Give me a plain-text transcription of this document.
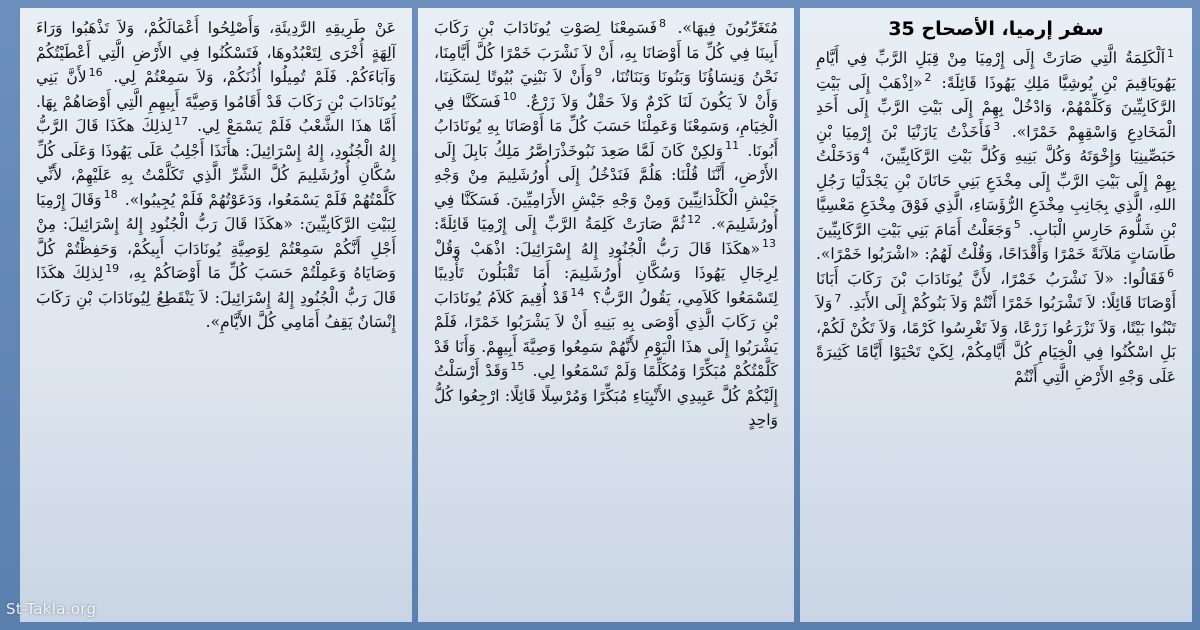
سفر إرميا، الأصحاح 35

$^1$اَلْكَلِمَةُ الَّتِي صَارَتْ إِلَى إِرْمِيَا مِنْ قِبَلِ الرَّبِّ فِي أَيَّامِ يَهُويَاقِيمَ بْنِ يُوشِيَّا مَلِكِ يَهُوذَا قَائِلَةً: $^2$«اِذْهَبْ إِلَى بَيْتِ الرَّكَابِيِّينَ وَكَلِّمْهُمْ، وَادْخُلْ بِهِمْ إِلَى بَيْتِ الرَّبِّ إِلَى أَحَدِ الْمَخَادِعِ وَاسْقِهِمْ خَمْرًا». $^3$فَأَخَذْتُ يَازَنْيَا بْنَ إِرْمِيَا بْنِ حَبَصِّينِيَا وَإِخْوَتَهُ وَكُلَّ بَنِيهِ وَكُلَّ بَيْتِ الرَّكَابِيِّينَ، $^4$وَدَخَلْتُ بِهِمْ إِلَى بَيْتِ الرَّبِّ إِلَى مِخْدَعِ بَنِي حَانَانَ بْنِ يَجْدَلْيَا رَجُلِ اللهِ، الَّذِي بِجَانِبِ مِخْدَعِ الرُّؤَسَاءِ، الَّذِي فَوْقَ مِخْدَعِ مَعْسِيَّا بْنِ شَلُّومَ حَارِسِ الْبَابِ. $^5$وَجَعَلْتُ أَمَامَ بَنِي بَيْتِ الرَّكَابِيِّينَ طَاسَاتٍ مَلآنَةً خَمْرًا وَأَقْدَاحًا، وَقُلْتُ لَهُمُ: «اشْرَبُوا خَمْرًا». $^6$فَقَالُوا: «لاَ نَشْرَبُ خَمْرًا، لأَنَّ يُونَادَابَ بْنَ رَكَابَ أَبَانَا أَوْصَانَا قَائِلًا: لاَ تَشْرَبُوا خَمْرًا أَنْتُمْ وَلاَ بَنُوكُمْ إِلَى الأَبَدِ. $^7$وَلاَ تَبْنُوا بَيْتًا، وَلاَ تَزْرَعُوا زَرْعًا، وَلاَ تَغْرِسُوا كَرْمًا، وَلاَ تَكُنْ لَكُمْ، بَلِ اسْكُنُوا فِي الْخِيَامِ كُلَّ أَيَّامِكُمْ، لِكَيْ تَحْيَوْا أَيَّامًا كَثِيرَةً عَلَى وَجْهِ الأَرْضِ الَّتِي أَنْتُمْ

مُتَغَرِّبُونَ فِيهَا». $^8$فَسَمِعْنَا لِصَوْتِ يُونَادَابَ بْنِ رَكَابَ أَبِينَا فِي كُلِّ مَا أَوْصَانَا بِهِ، أَنْ لاَ نَشْرَبَ خَمْرًا كُلَّ أَيَّامِنَا، نَحْنُ وَنِسَاؤُنَا وَبَنُونَا وَبَنَاتُنَا، $^9$وَأَنْ لاَ نَبْنِيَ بُيُوتًا لِسَكَنِنَا، وَأَنْ لاَ يَكُونَ لَنَا كَرْمٌ وَلاَ حَقْلٌ وَلاَ زَرْعٌ. $^{10}$فَسَكَنَّا فِي الْخِيَامِ، وَسَمِعْنَا وَعَمِلْنَا حَسَبَ كُلِّ مَا أَوْصَانَا بِهِ يُونَادَابُ أَبُونَا. $^{11}$وَلكِنْ كَانَ لَمَّا صَعِدَ نَبُوخَذْرَاصَّرُ مَلِكُ بَابِلَ إِلَى الأَرْضِ، أَنَّنَا قُلْنَا: هَلُمَّ فَنَدْخُلُ إِلَى أُورُشَلِيمَ مِنْ وَجْهِ جَيْشِ الْكَلْدَانِيِّينَ وَمِنْ وَجْهِ جَيْشِ الأَرَامِيِّينَ. فَسَكَنَّا فِي أُورُشَلِيمَ». $^{12}$ثُمَّ صَارَتْ كَلِمَةُ الرَّبِّ إِلَى إِرْمِيَا قَائِلَةً: $^{13}$«هكَذَا قَالَ رَبُّ الْجُنُودِ إِلهُ إِسْرَائِيلَ: اذْهَبْ وَقُلْ لِرِجَالِ يَهُوذَا وَسُكَّانِ أُورُشَلِيمَ: أَمَا تَقْبَلُونَ تَأْدِيبًا لِتَسْمَعُوا كَلاَمِي، يَقُولُ الرَّبُّ؟ $^{14}$قَدْ أُقِيمَ كَلاَمُ يُونَادَابَ بْنِ رَكَابَ الَّذِي أَوْصَى بِهِ بَنِيهِ أَنْ لاَ يَشْرَبُوا خَمْرًا، فَلَمْ يَشْرَبُوا إِلَى هذَا الْيَوْمِ لأَنَّهُمْ سَمِعُوا وَصِيَّةَ أَبِيهِمْ. وَأَنَا قَدْ كَلَّمْتُكُمْ مُبَكِّرًا وَمُكَلِّمًا وَلَمْ تَسْمَعُوا لِي. $^{15}$وَقَدْ أَرْسَلْتُ إِلَيْكُمْ كُلَّ عَبِيدِي الأَنْبِيَاءِ مُبَكِّرًا وَمُرْسِلًا قَائِلًا: ارْجِعُوا كُلُّ وَاحِدٍ

عَنْ طَرِيقِهِ الرَّدِيئَةِ، وَأَصْلِحُوا أَعْمَالَكُمْ، وَلاَ تَذْهَبُوا وَرَاءَ آلِهَةٍ أُخْرَى لِتَعْبُدُوهَا، فَتَسْكُنُوا فِي الأَرْضِ الَّتِي أَعْطَيْتُكُمْ وَآبَاءَكُمْ. فَلَمْ تُمِيلُوا أُذُنَكُمْ، وَلاَ سَمِعْتُمْ لِي. $^{16}$لأَنَّ بَنِي يُونَادَابَ بْنِ رَكَابَ قَدْ أَقَامُوا وَصِيَّةَ أَبِيهِمِ الَّتِي أَوْصَاهُمْ بِهَا. أَمَّا هذَا الشَّعْبُ فَلَمْ يَسْمَعْ لِي. $^{17}$لِذلِكَ هكَذَا قَالَ الرَّبُّ إِلهُ الْجُنُودِ، إِلهُ إِسْرَائِيلَ: هأَنَذَا أَجْلِبُ عَلَى يَهُوذَا وَعَلَى كُلِّ سُكَّانِ أُورُشَلِيمَ كُلَّ الشَّرِّ الَّذِي تَكَلَّمْتُ بِهِ عَلَيْهِمْ، لأَنِّي كَلَّمْتُهُمْ فَلَمْ يَسْمَعُوا، وَدَعَوْتُهُمْ فَلَمْ يُجِيبُوا». $^{18}$وَقَالَ إِرْمِيَا لِبَيْتِ الرَّكَابِيِّينَ: «هكَذَا قَالَ رَبُّ الْجُنُودِ إِلهُ إِسْرَائِيلَ: مِنْ أَجْلِ أَنَّكُمْ سَمِعْتُمْ لِوَصِيَّةِ يُونَادَابَ أَبِيكُمْ، وَحَفِظْتُمْ كُلَّ وَصَايَاهُ وَعَمِلْتُمْ حَسَبَ كُلِّ مَا أَوْصَاكُمْ بِهِ، $^{19}$لِذلِكَ هكَذَا قَالَ رَبُّ الْجُنُودِ إِلهُ إِسْرَائِيلَ: لاَ يَنْقَطِعُ لِيُونَادَابَ بْنِ رَكَابَ إِنْسَانٌ يَقِفُ أَمَامِي كُلَّ الأَيَّامِ».

St-Takla.org
